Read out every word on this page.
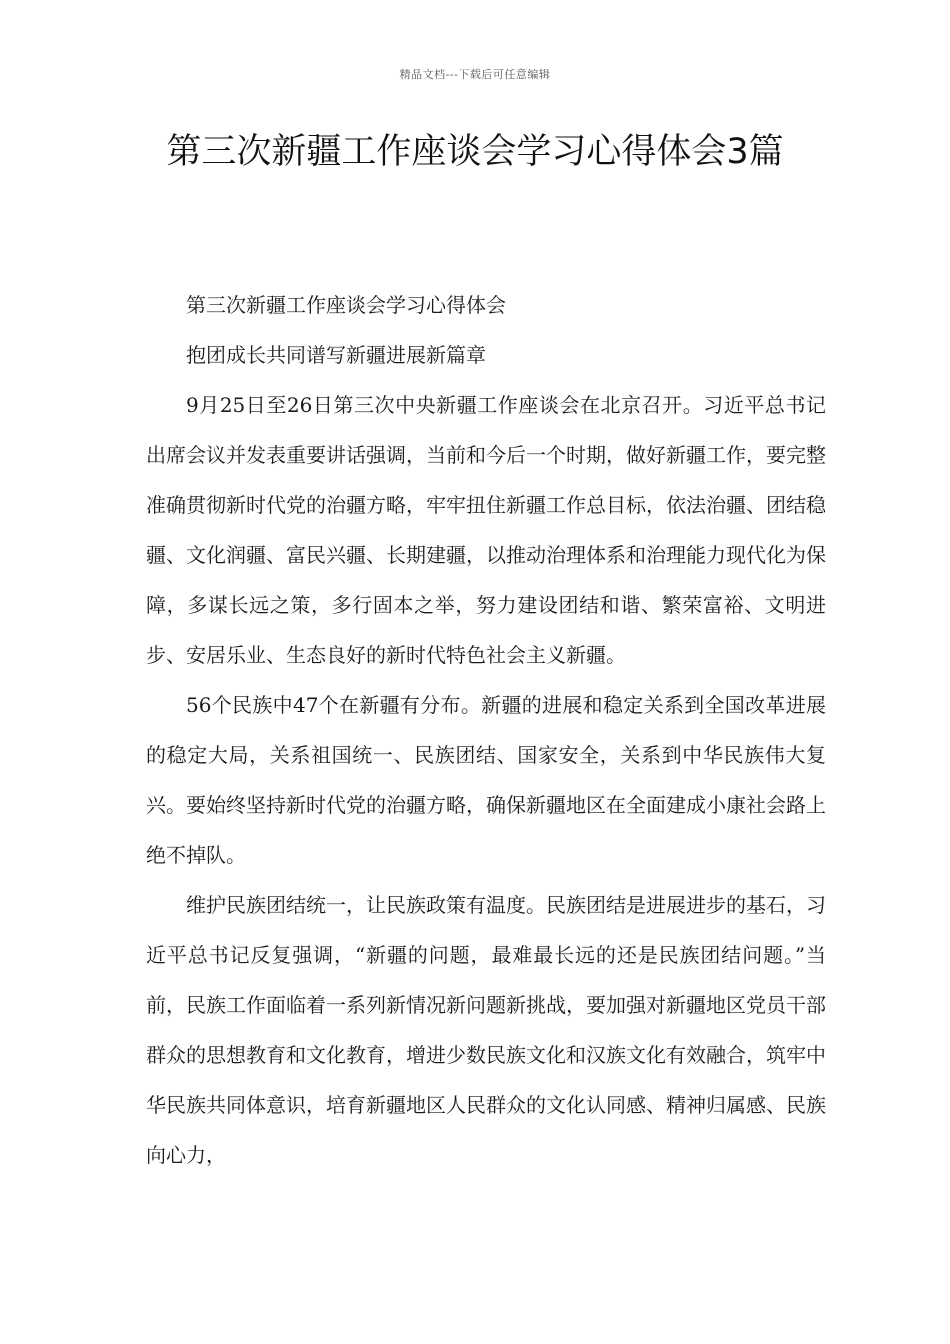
精品文档---下载后可任意编辑
第三次新疆工作座谈会学习心得体会3篇

第三次新疆工作座谈会学习心得体会

抱团成长共同谱写新疆进展新篇章

9月25日至26日第三次中央新疆工作座谈会在北京召开。习近平总书记出席会议并发表重要讲话强调，当前和今后一个时期，做好新疆工作，要完整准确贯彻新时代党的治疆方略，牢牢扭住新疆工作总目标，依法治疆、团结稳疆、文化润疆、富民兴疆、长期建疆，以推动治理体系和治理能力现代化为保障，多谋长远之策，多行固本之举，努力建设团结和谐、繁荣富裕、文明进步、安居乐业、生态良好的新时代特色社会主义新疆。

56个民族中47个在新疆有分布。新疆的进展和稳定关系到全国改革进展的稳定大局，关系祖国统一、民族团结、国家安全，关系到中华民族伟大复兴。要始终坚持新时代党的治疆方略，确保新疆地区在全面建成小康社会路上绝不掉队。

维护民族团结统一，让民族政策有温度。民族团结是进展进步的基石，习近平总书记反复强调，“新疆的问题，最难最长远的还是民族团结问题。”当前，民族工作面临着一系列新情况新问题新挑战，要加强对新疆地区党员干部群众的思想教育和文化教育，增进少数民族文化和汉族文化有效融合，筑牢中华民族共同体意识，培育新疆地区人民群众的文化认同感、精神归属感、民族向心力，
